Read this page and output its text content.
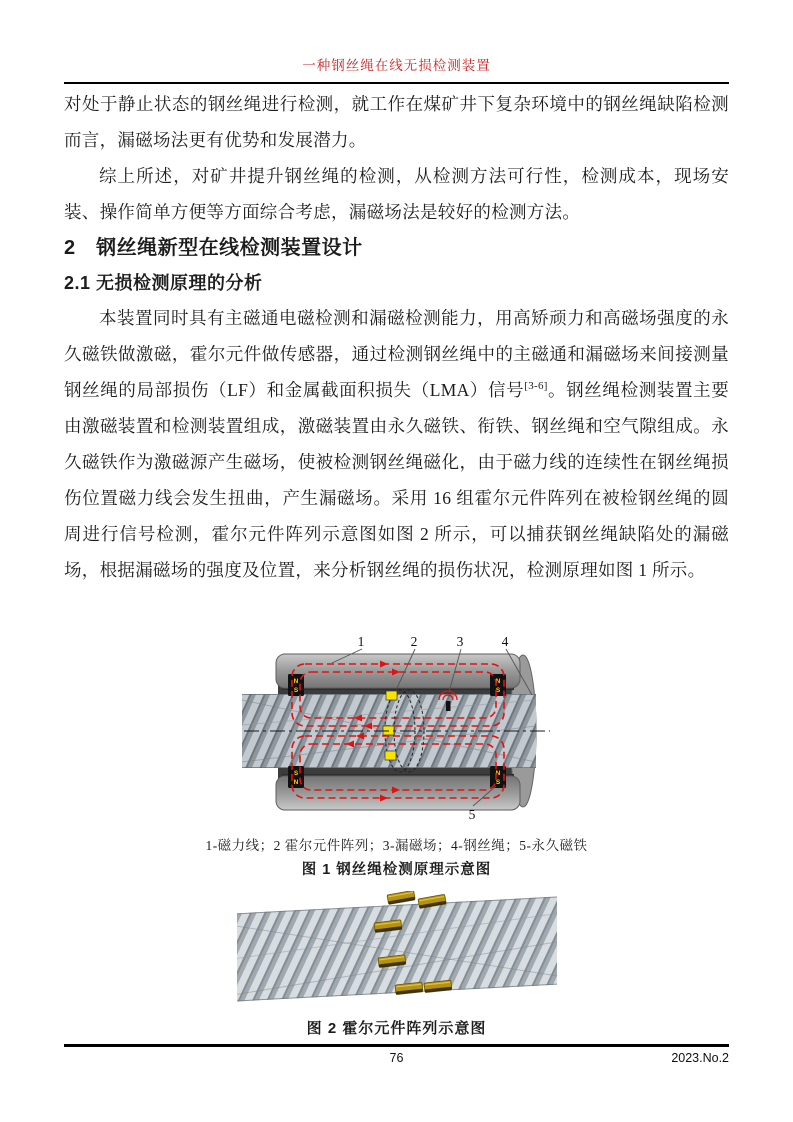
一种钢丝绳在线无损检测装置

对处于静止状态的钢丝绳进行检测，就工作在煤矿井下复杂环境中的钢丝绳缺陷检测而言，漏磁场法更有优势和发展潜力。

综上所述，对矿井提升钢丝绳的检测，从检测方法可行性，检测成本，现场安装、操作简单方便等方面综合考虑，漏磁场法是较好的检测方法。

2　钢丝绳新型在线检测装置设计
2.1 无损检测原理的分析

本装置同时具有主磁通电磁检测和漏磁检测能力，用高矫顽力和高磁场强度的永久磁铁做激磁，霍尔元件做传感器，通过检测钢丝绳中的主磁通和漏磁场来间接测量钢丝绳的局部损伤（LF）和金属截面积损失（LMA）信号[3-6]。钢丝绳检测装置主要由激磁装置和检测装置组成，激磁装置由永久磁铁、衔铁、钢丝绳和空气隙组成。永久磁铁作为激磁源产生磁场，使被检测钢丝绳磁化，由于磁力线的连续性在钢丝绳损伤位置磁力线会发生扭曲，产生漏磁场。采用 16 组霍尔元件阵列在被检钢丝绳的圆周进行信号检测，霍尔元件阵列示意图如图 2 所示，可以捕获钢丝绳缺陷处的漏磁场，根据漏磁场的强度及位置，来分析钢丝绳的损伤状况，检测原理如图 1 所示。

N
S
N
S
S
N
N
S
1	2	3	4
5
1-磁力线；2 霍尔元件阵列；3-漏磁场；4-钢丝绳；5-永久磁铁
图 1 钢丝绳检测原理示意图
图 2 霍尔元件阵列示意图
76	2023.No.2
